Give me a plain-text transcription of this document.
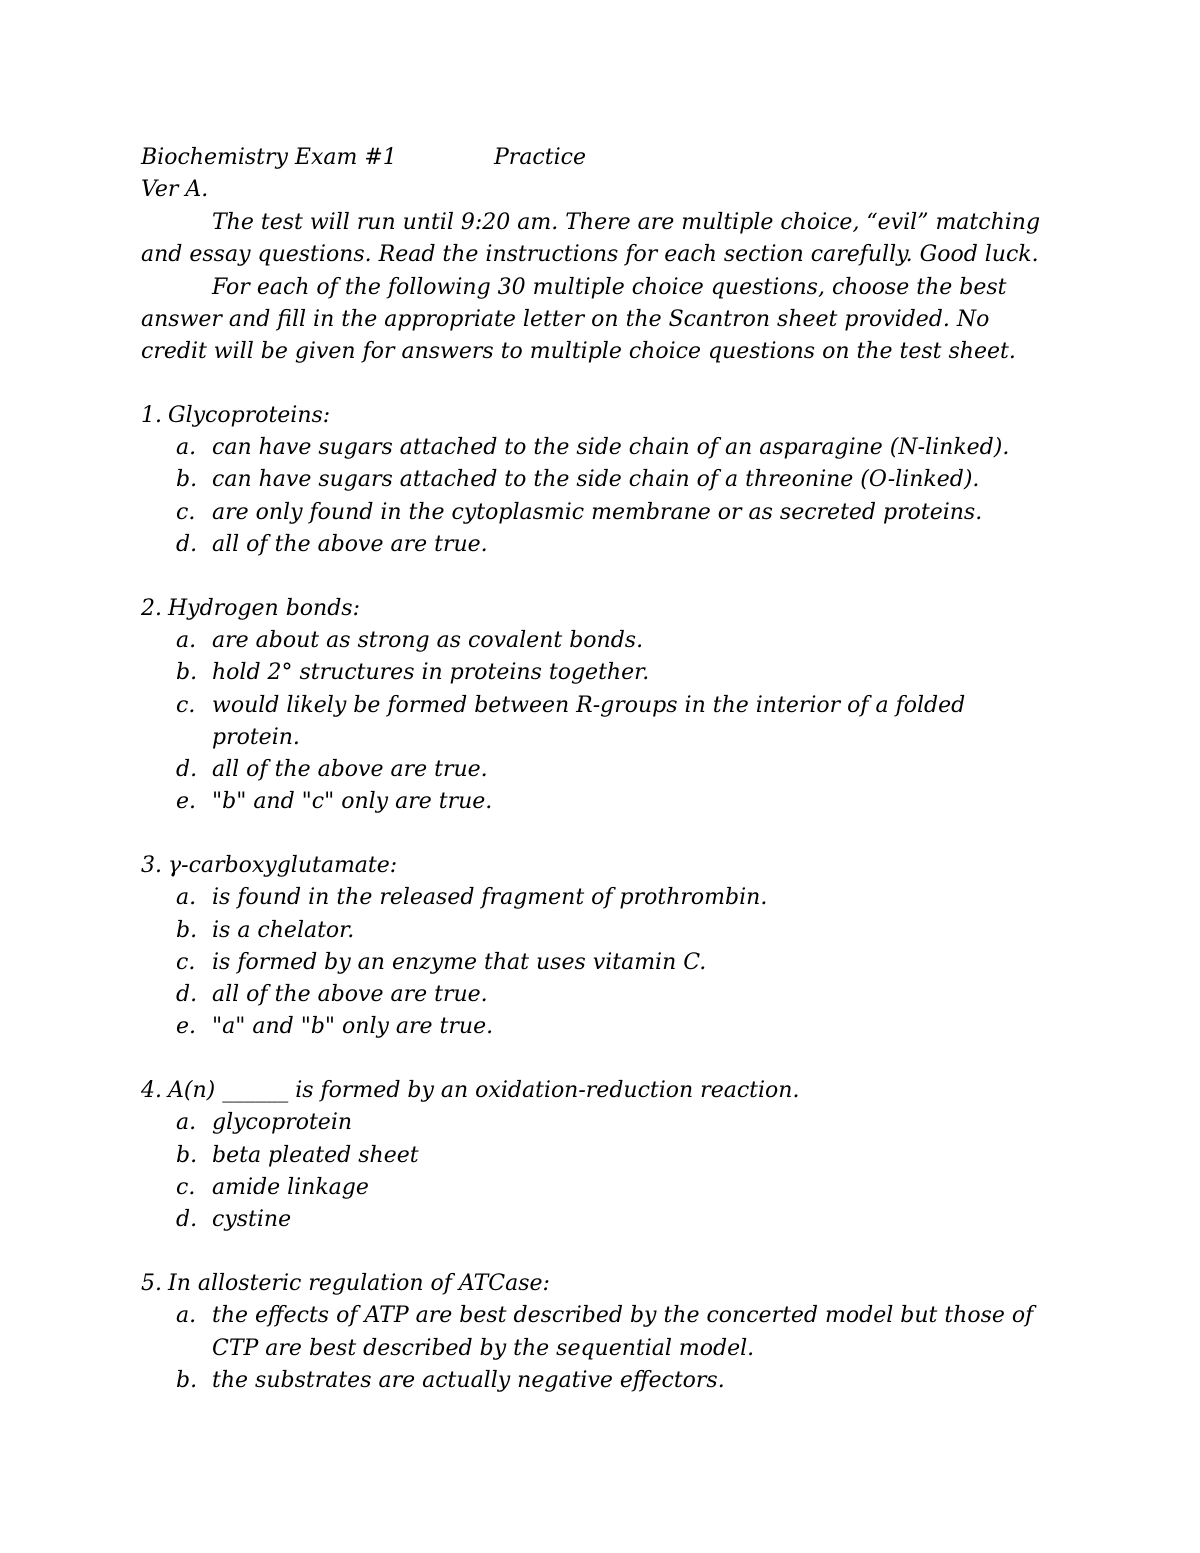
Biochemistry Exam #1	Practice
Ver A.
The test will run until 9:20 am. There are multiple choice, “evil” matching
and essay questions. Read the instructions for each section carefully. Good luck.
For each of the following 30 multiple choice questions, choose the best
answer and fill in the appropriate letter on the Scantron sheet provided. No
credit will be given for answers to multiple choice questions on the test sheet.
1. Glycoproteins:
a. can have sugars attached to the side chain of an asparagine (N-linked).
b. can have sugars attached to the side chain of a threonine (O-linked).
c. are only found in the cytoplasmic membrane or as secreted proteins.
d. all of the above are true.
2. Hydrogen bonds:
a. are about as strong as covalent bonds.
b. hold 2° structures in proteins together.
c. would likely be formed between R-groups in the interior of a folded
protein.
d. all of the above are true.
e. "b" and "c" only are true.
3. γ-carboxyglutamate:
a. is found in the released fragment of prothrombin.
b. is a chelator.
c. is formed by an enzyme that uses vitamin C.
d. all of the above are true.
e. "a" and "b" only are true.
4. A(n) ______ is formed by an oxidation-reduction reaction.
a. glycoprotein
b. beta pleated sheet
c. amide linkage
d. cystine
5. In allosteric regulation of ATCase:
a. the effects of ATP are best described by the concerted model but those of
CTP are best described by the sequential model.
b. the substrates are actually negative effectors.
